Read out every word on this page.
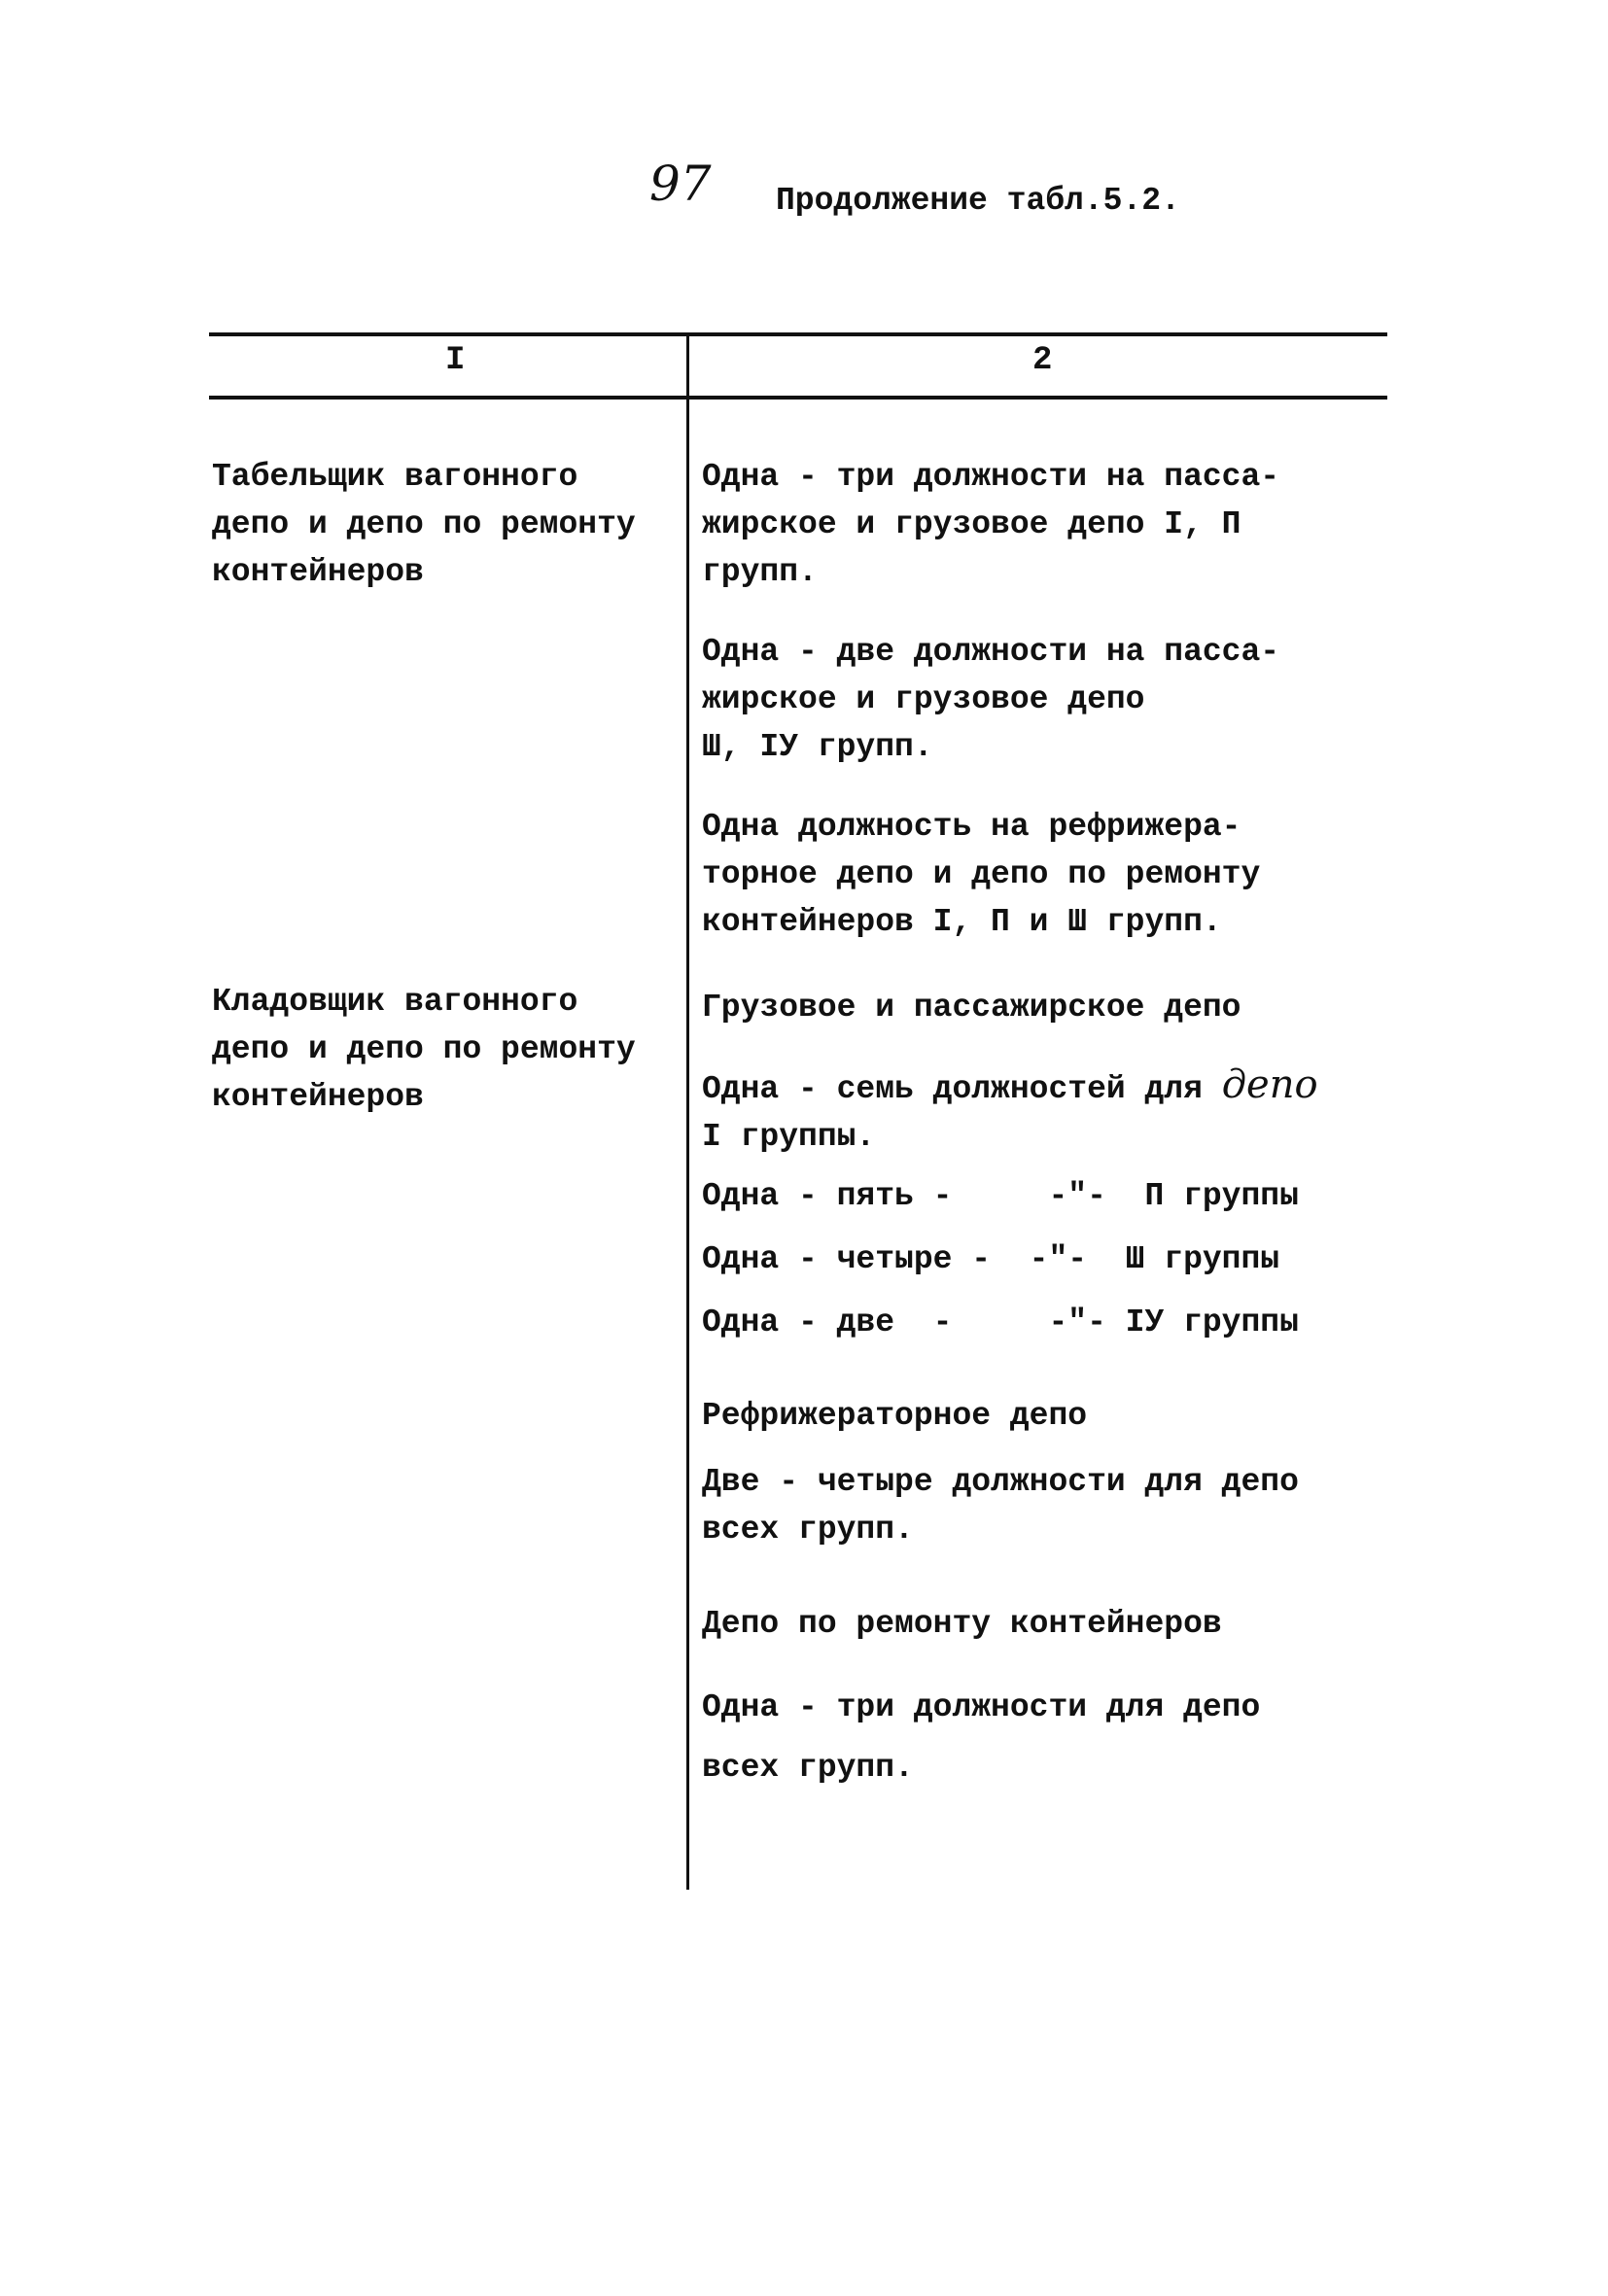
97 Продолжение табл.5.2.
I	2
Табельщик вагонного
депо и депо по ремонту
контейнеров
Кладовщик вагонного
депо и депо по ремонту
контейнеров
Одна - три должности на пасса-
жирское и грузовое депо I, П
групп.
Одна - две должности на пасса-
жирское и грузовое депо
Ш, IУ групп.
Одна должность на рефрижера-
торное депо и депо по ремонту
контейнеров I, П и Ш групп.
Грузовое и пассажирское депо
Одна - семь должностей для депо
I группы.
Одна - пять -     -"-  П группы
Одна - четыре -  -"-  Ш группы
Одна - две  -     -"- IУ группы
Рефрижераторное депо
Две - четыре должности для депо
всех групп.
Депо по ремонту контейнеров
Одна - три должности для депо
всех групп.
